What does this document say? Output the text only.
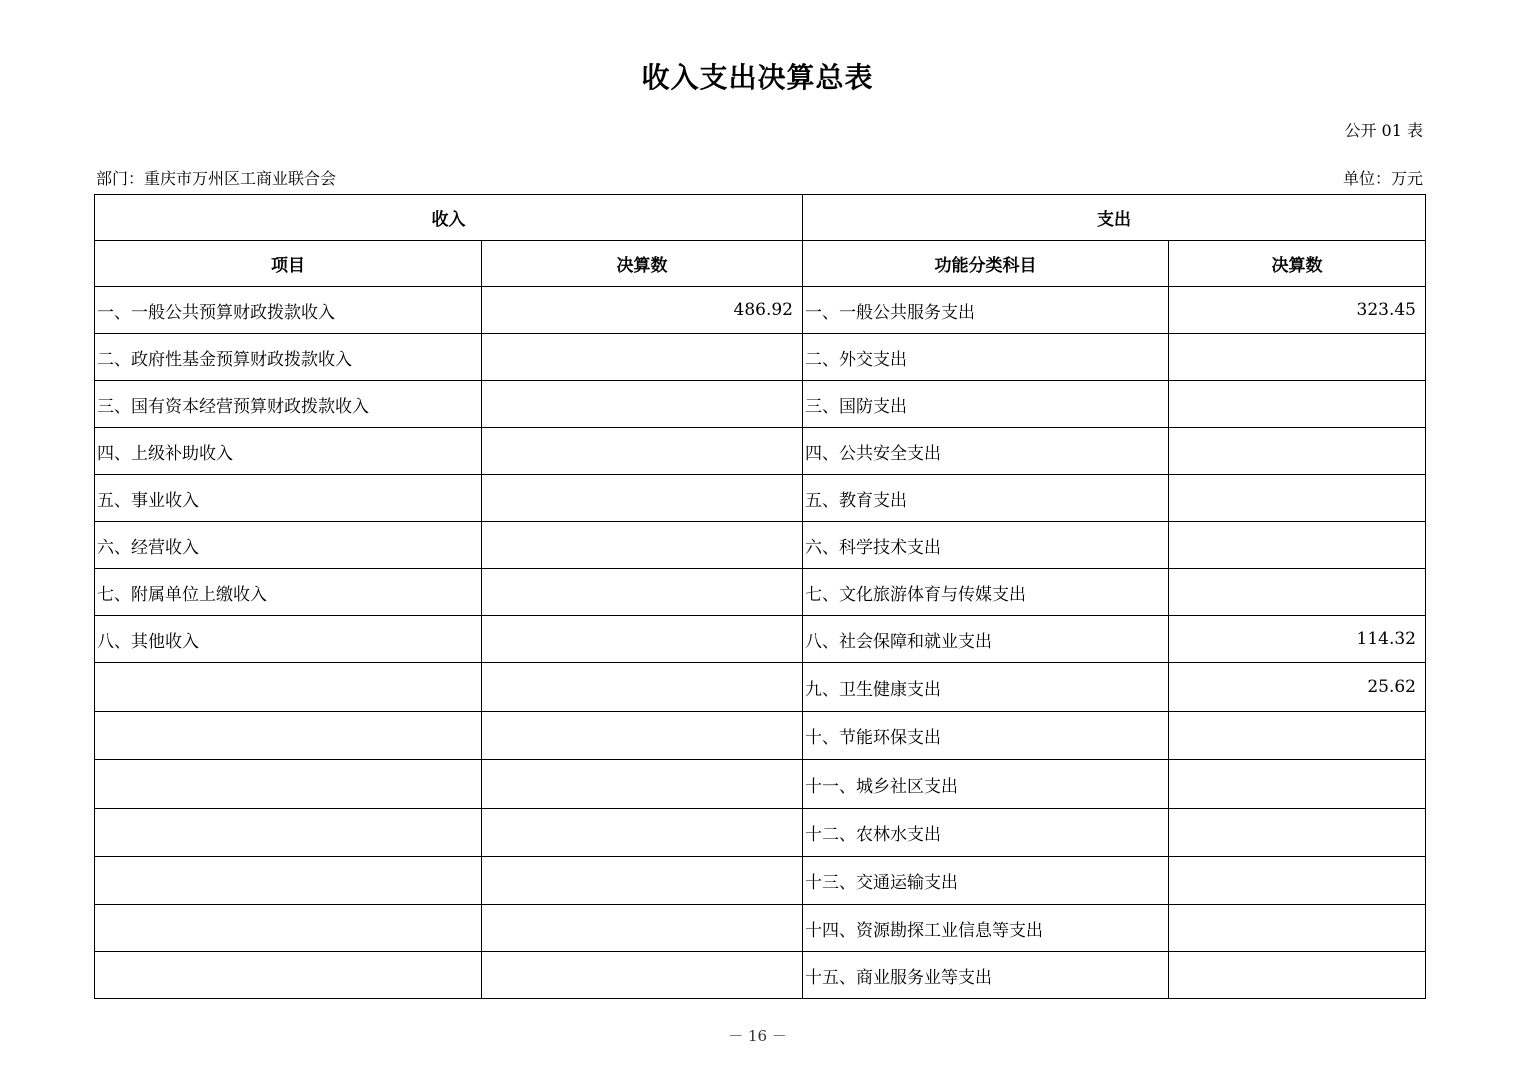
收入支出决算总表
公开 01 表
部门：重庆市万州区工商业联合会	单位：万元
收入		支出	
项目	决算数	功能分类科目	决算数
一、一般公共预算财政拨款收入	486.92	一、一般公共服务支出	323.45
二、政府性基金预算财政拨款收入		二、外交支出	
三、国有资本经营预算财政拨款收入		三、国防支出	
四、上级补助收入		四、公共安全支出	
五、事业收入		五、教育支出	
六、经营收入		六、科学技术支出	
七、附属单位上缴收入		七、文化旅游体育与传媒支出	
八、其他收入		八、社会保障和就业支出	114.32
		九、卫生健康支出	25.62
		十、节能环保支出	
		十一、城乡社区支出	
		十二、农林水支出	
		十三、交通运输支出	
		十四、资源勘探工业信息等支出	
		十五、商业服务业等支出	
－ 16 －
